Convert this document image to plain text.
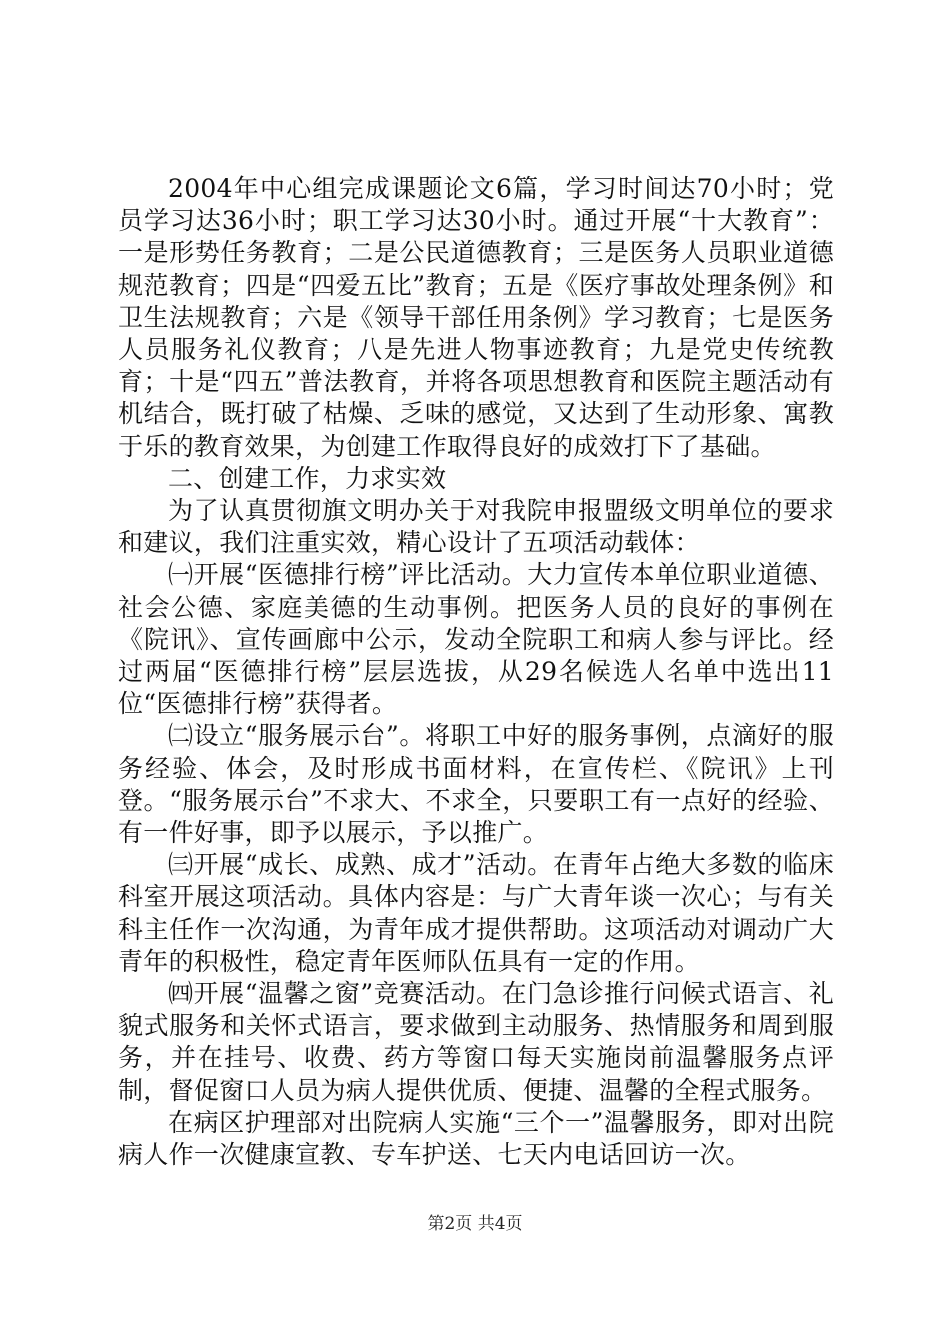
2004年中心组完成课题论文6篇，学习时间达70小时；党员学习达36小时；职工学习达30小时。通过开展“十大教育”：一是形势任务教育；二是公民道德教育；三是医务人员职业道德规范教育；四是“四爱五比”教育；五是《医疗事故处理条例》和卫生法规教育；六是《领导干部任用条例》学习教育；七是医务人员服务礼仪教育；八是先进人物事迹教育；九是党史传统教育；十是“四五”普法教育，并将各项思想教育和医院主题活动有机结合，既打破了枯燥、乏味的感觉，又达到了生动形象、寓教于乐的教育效果，为创建工作取得良好的成效打下了基础。

二、创建工作，力求实效

为了认真贯彻旗文明办关于对我院申报盟级文明单位的要求和建议，我们注重实效，精心设计了五项活动载体：

㈠开展“医德排行榜”评比活动。大力宣传本单位职业道德、社会公德、家庭美德的生动事例。把医务人员的良好的事例在《院讯》、宣传画廊中公示，发动全院职工和病人参与评比。经过两届“医德排行榜”层层选拔，从29名候选人名单中选出11位“医德排行榜”获得者。

㈡设立“服务展示台”。将职工中好的服务事例，点滴好的服务经验、体会，及时形成书面材料，在宣传栏、《院讯》上刊登。“服务展示台”不求大、不求全，只要职工有一点好的经验、有一件好事，即予以展示，予以推广。

㈢开展“成长、成熟、成才”活动。在青年占绝大多数的临床科室开展这项活动。具体内容是：与广大青年谈一次心；与有关科主任作一次沟通，为青年成才提供帮助。这项活动对调动广大青年的积极性，稳定青年医师队伍具有一定的作用。

㈣开展“温馨之窗”竞赛活动。在门急诊推行问候式语言、礼貌式服务和关怀式语言，要求做到主动服务、热情服务和周到服务，并在挂号、收费、药方等窗口每天实施岗前温馨服务点评制，督促窗口人员为病人提供优质、便捷、温馨的全程式服务。

在病区护理部对出院病人实施“三个一”温馨服务，即对出院病人作一次健康宣教、专车护送、七天内电话回访一次。

第2页 共4页
